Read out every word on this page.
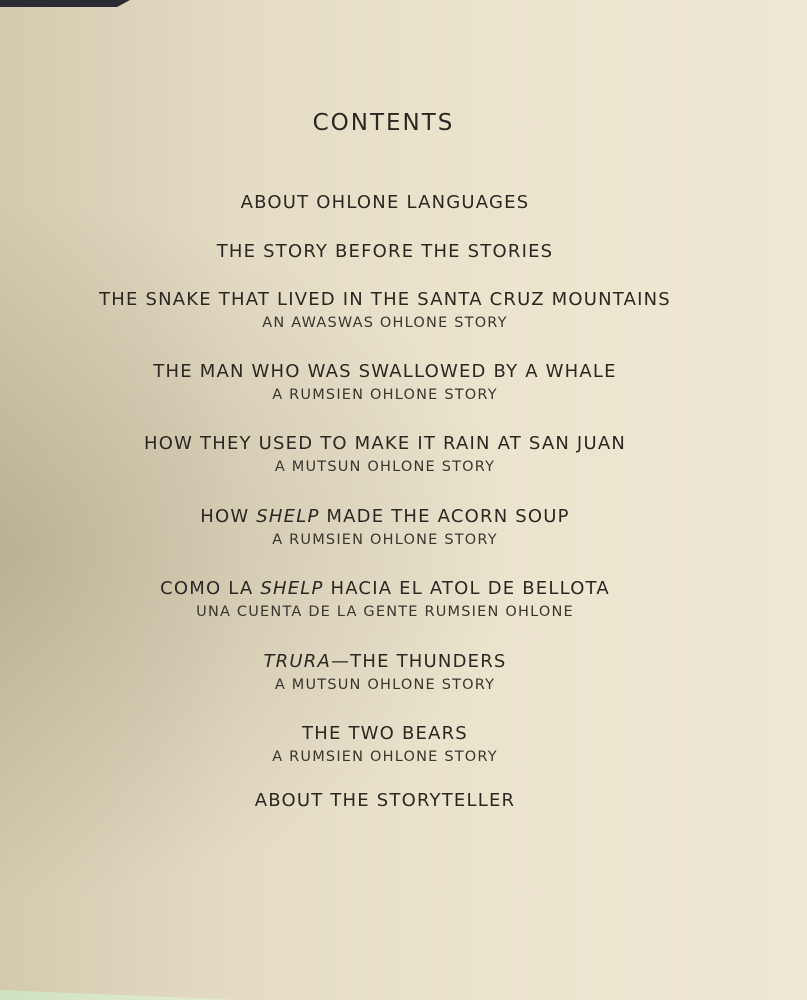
CONTENTS
ABOUT OHLONE LANGUAGES
THE STORY BEFORE THE STORIES
THE SNAKE THAT LIVED IN THE SANTA CRUZ MOUNTAINS
AN AWASWAS OHLONE STORY
THE MAN WHO WAS SWALLOWED BY A WHALE
A RUMSIEN OHLONE STORY
HOW THEY USED TO MAKE IT RAIN AT SAN JUAN
A MUTSUN OHLONE STORY
HOW SHELP MADE THE ACORN SOUP
A RUMSIEN OHLONE STORY
COMO LA SHELP HACIA EL ATOL DE BELLOTA
UNA CUENTA DE LA GENTE RUMSIEN OHLONE
TRURA—THE THUNDERS
A MUTSUN OHLONE STORY
THE TWO BEARS
A RUMSIEN OHLONE STORY
ABOUT THE STORYTELLER
